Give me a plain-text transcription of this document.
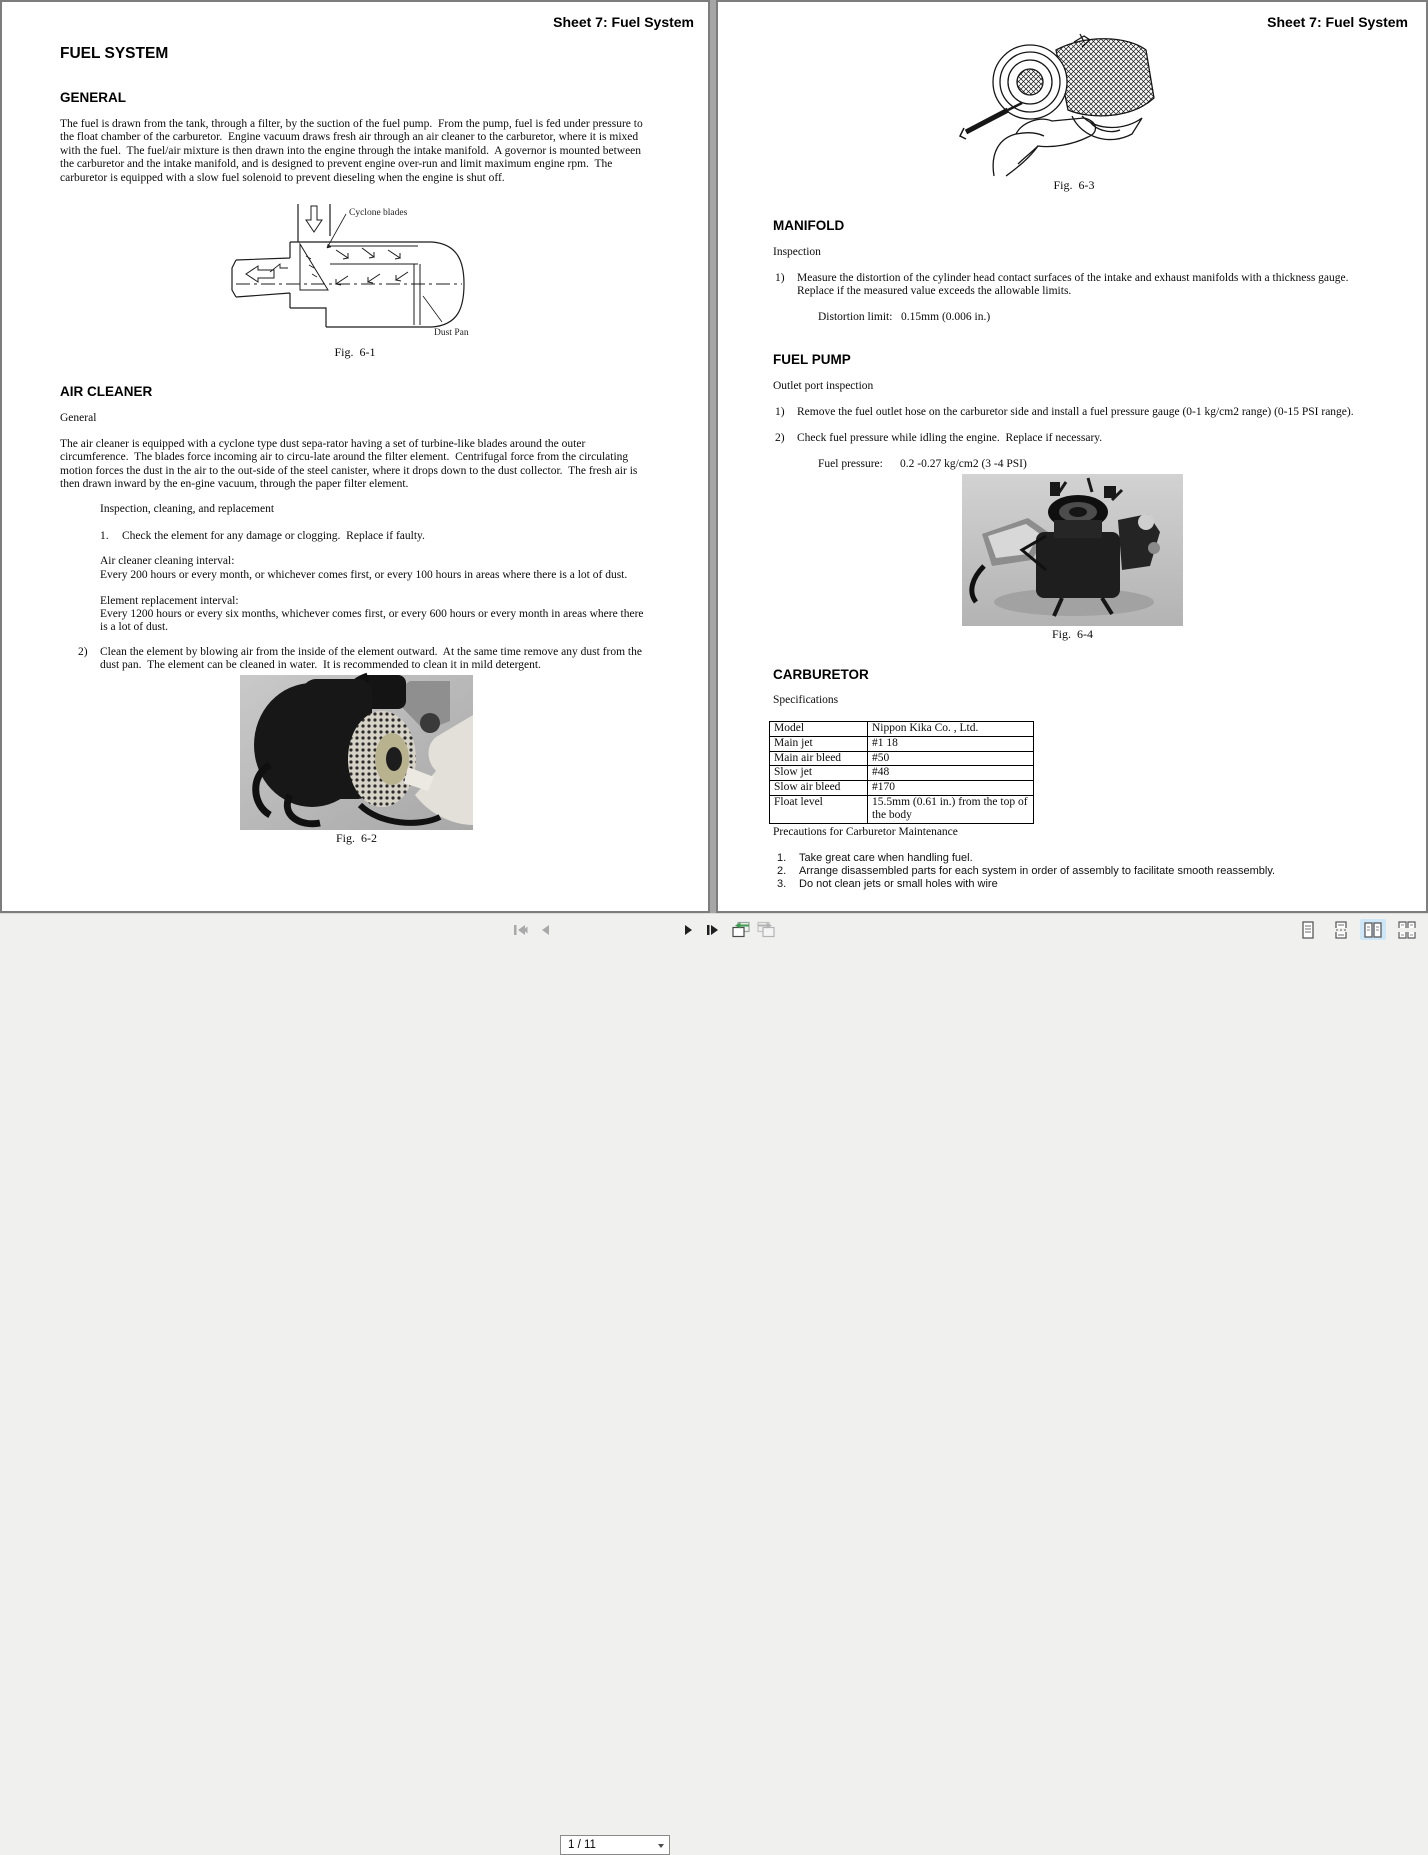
Sheet 7: Fuel System
FUEL SYSTEM
GENERAL
The fuel is drawn from the tank, through a filter, by the suction of the fuel pump.  From the pump, fuel is fed under pressure to the float chamber of the carburetor.  Engine vacuum draws fresh air through an air cleaner to the carburetor, where it is mixed with the fuel.  The fuel/air mixture is then drawn into the engine through the intake manifold.  A governor is mounted between the carburetor and the intake manifold, and is designed to prevent engine over-run and limit maximum engine rpm.  The carburetor is equipped with a slow fuel solenoid to prevent dieseling when the engine is shut off.
Cyclone blades
Dust Pan
Fig.  6-1
AIR CLEANER
General
The air cleaner is equipped with a cyclone type dust sepa-rator having a set of turbine-like blades around the outer circumference.  The blades force incoming air to circu-late around the filter element.  Centrifugal force from the circulating motion forces the dust in the air to the out-side of the steel canister, where it drops down to the dust collector.  The fresh air is then drawn inward by the en-gine vacuum, through the paper filter element.
Inspection, cleaning, and replacement
1.	Check the element for any damage or clogging.  Replace if faulty.
Air cleaner cleaning interval:
Every 200 hours or every month, or whichever comes first, or every 100 hours in areas where there is a lot of dust.
Element replacement interval:
Every 1200 hours or every six months, whichever comes first, or every 600 hours or every month in areas where there is a lot of dust.
2)	Clean the element by blowing air from the inside of the element outward.  At the same time remove any dust from the dust pan.  The element can be cleaned in water.  It is recommended to clean it in mild detergent.
Fig.  6-2
Sheet 7: Fuel System
Fig.  6-3
MANIFOLD
Inspection
1)	Measure the distortion of the cylinder head contact surfaces of the intake and exhaust manifolds with a thickness gauge.  Replace if the measured value exceeds the allowable limits.
Distortion limit:   0.15mm (0.006 in.)
FUEL PUMP
Outlet port inspection
1)	Remove the fuel outlet hose on the carburetor side and install a fuel pressure gauge (0-1 kg/cm2 range) (0-15 PSI range).
2)	Check fuel pressure while idling the engine.  Replace if necessary.
Fuel pressure: 0.2 -0.27 kg/cm2 (3 -4 PSI)
Fig.  6-4
CARBURETOR
Specifications
Model	Nippon Kika Co. , Ltd.
Main jet	#1 18
Main air bleed	#50
Slow jet	#48
Slow air bleed	#170
Float level	15.5mm (0.61 in.) from the top of the body
Precautions for Carburetor Maintenance
1.	Take great care when handling fuel.
2.	Arrange disassembled parts for each system in order of assembly to facilitate smooth reassembly.
3.	Do not clean jets or small holes with wire
1 / 11
